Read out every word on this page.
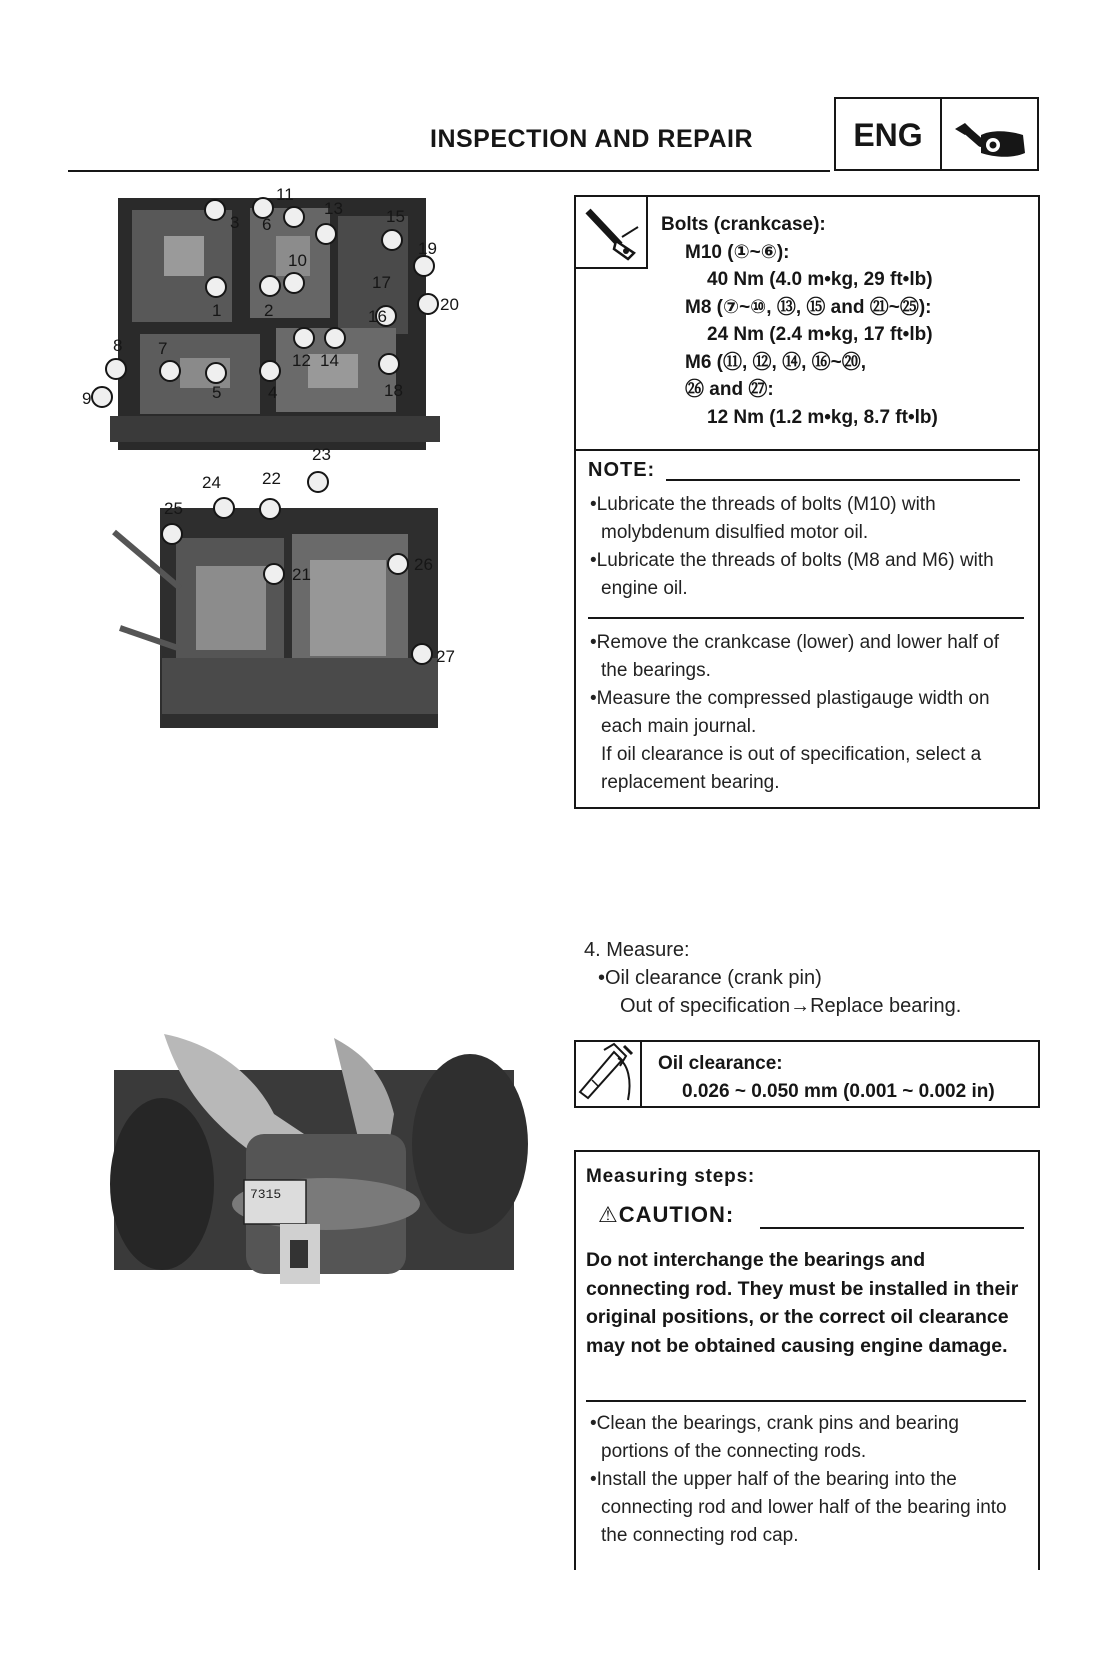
INSPECTION AND REPAIR	ENG
3 6
13	15
19
20
10
1	2
17
16
8 7
12 14
5	4	18
9
11
24 22
23
25
21
26
27
Bolts (crankcase):
M10 (①~⑥):
40 Nm (4.0 m•kg, 29 ft•lb)
M8 (⑦~⑩, ⑬, ⑮ and ㉑~㉕):
24 Nm (2.4 m•kg, 17 ft•lb)
M6 (⑪, ⑫, ⑭, ⑯~⑳,
㉖ and ㉗:
12 Nm (1.2 m•kg, 8.7 ft•lb)
NOTE:

•Lubricate the threads of bolts (M10) with molybdenum disulfied motor oil.

•Lubricate the threads of bolts (M8 and M6) with engine oil.

•Remove the crankcase (lower) and lower half of the bearings.

•Measure the compressed plastigauge width on each main journal.

If oil clearance is out of specification, select a replacement bearing.

4. Measure:
•Oil clearance (crank pin)
Out of specification→Replace bearing.
Oil clearance:
0.026 ~ 0.050 mm (0.001 ~ 0.002 in)
7315
Measuring steps:
⚠CAUTION:
Do not interchange the bearings and connecting rod. They must be installed in their original positions, or the correct oil clearance may not be obtained causing engine damage.

•Clean the bearings, crank pins and bearing portions of the connecting rods.

•Install the upper half of the bearing into the connecting rod and lower half of the bearing into the connecting rod cap.
